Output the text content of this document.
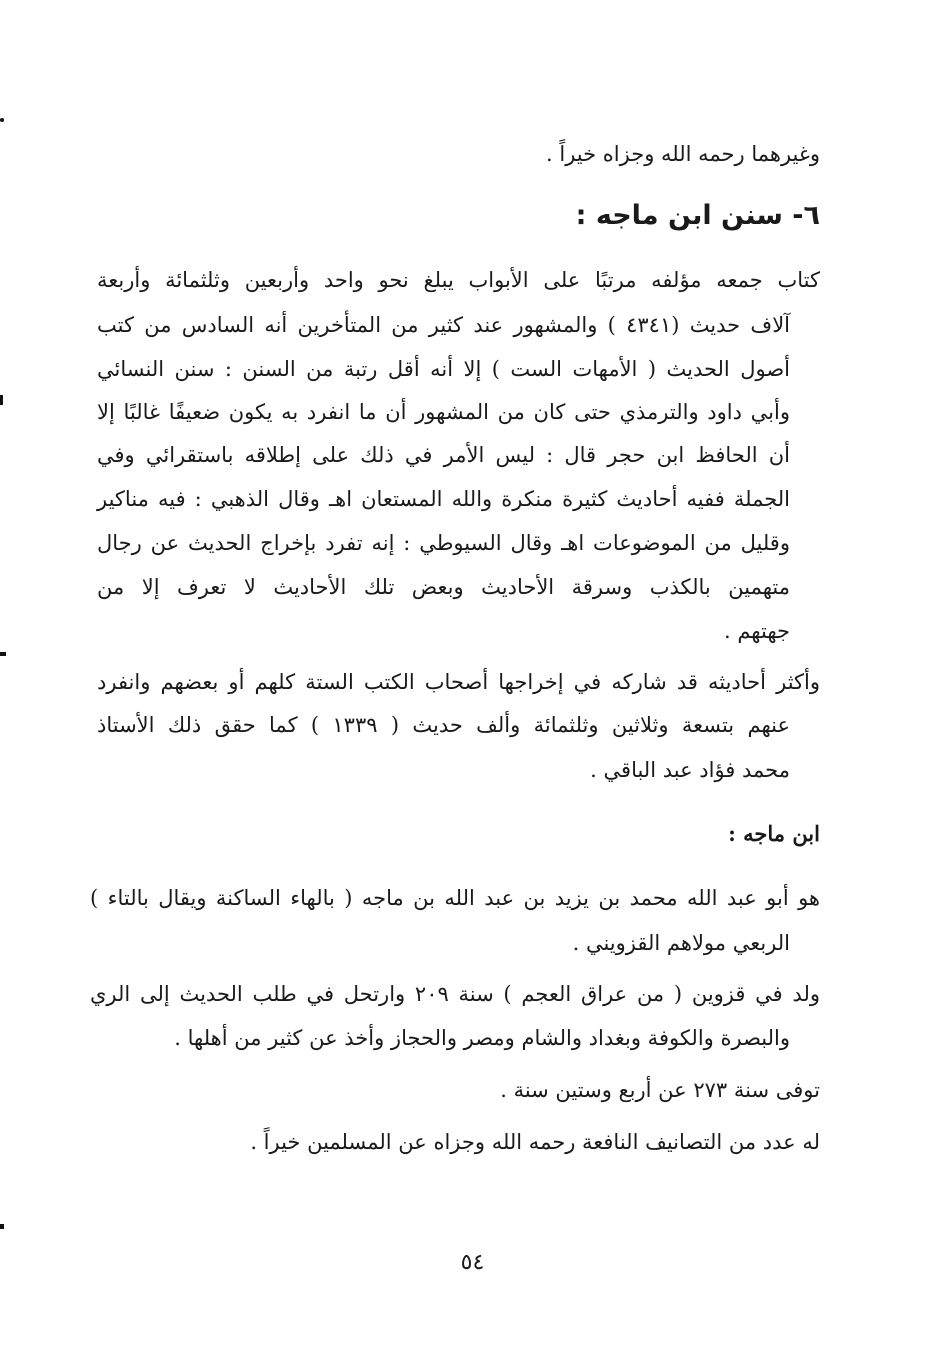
وغيرهما رحمه الله وجزاه خيراً .
٦- سنن ابن ماجه :
كتاب جمعه مؤلفه مرتبًا على الأبواب يبلغ نحو واحد وأربعين وثلثمائة وأربعة
آلاف حديث (٤٣٤١ ) والمشهور عند كثير من المتأخرين أنه السادس من كتب
أصول الحديث ( الأمهات الست ) إلا أنه أقل رتبة من السنن : سنن النسائي
وأبي داود والترمذي حتى كان من المشهور أن ما انفرد به يكون ضعيفًا غالبًا إلا
أن الحافظ ابن حجر قال : ليس الأمر في ذلك على إطلاقه باستقرائي وفي
الجملة ففيه أحاديث كثيرة منكرة والله المستعان اهـ وقال الذهبي : فيه مناكير
وقليل من الموضوعات اهـ وقال السيوطي : إنه تفرد بإخراج الحديث عن رجال
متهمين بالكذب وسرقة الأحاديث وبعض تلك الأحاديث لا تعرف إلا من
جهتهم .
وأكثر أحاديثه قد شاركه في إخراجها أصحاب الكتب الستة كلهم أو بعضهم وانفرد
عنهم بتسعة وثلاثين وثلثمائة وألف حديث ( ١٣٣٩ ) كما حقق ذلك الأستاذ
محمد فؤاد عبد الباقي .
ابن ماجه :
هو أبو عبد الله محمد بن يزيد بن عبد الله بن ماجه ( بالهاء الساكنة ويقال بالتاء )
الربعي مولاهم القزويني .
ولد في قزوين ( من عراق العجم ) سنة ٢٠٩ وارتحل في طلب الحديث إلى الري
والبصرة والكوفة وبغداد والشام ومصر والحجاز وأخذ عن كثير من أهلها .
توفى سنة ٢٧٣ عن أربع وستين سنة .
له عدد من التصانيف النافعة رحمه الله وجزاه عن المسلمين خيراً .
٥٤
